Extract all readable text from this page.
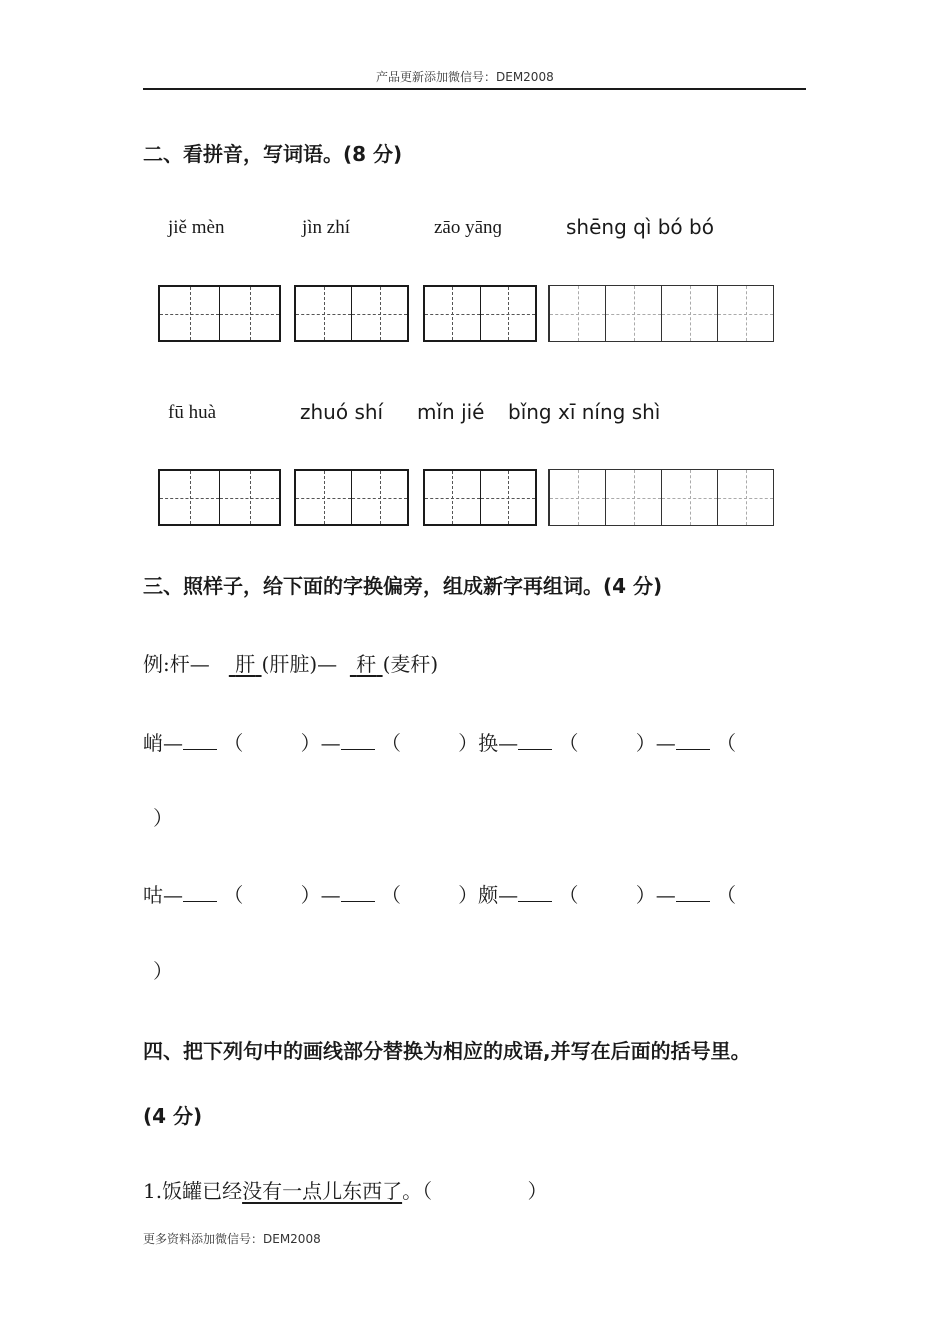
产品更新添加微信号：DEM2008
二、看拼音，写词语。(8 分)
jiě mèn	jìn zhí	zāo yānɡ	shēng qì bó bó
fū huà	zhuó shí mǐn jié bǐng xī níng shì
三、照样子，给下面的字换偏旁，组成新字再组词。(4 分)
例:杆— 肝 (肝脏)— 秆 (麦秆)
峭— （	）— （	）换— （	）— （
）
咕— （	）— （	）颇— （	）— （
）
四、把下列句中的画线部分替换为相应的成语,并写在后面的括号里。
(4 分)
1.饭罐已经没有一点儿东西了。（	）
更多资料添加微信号：DEM2008
